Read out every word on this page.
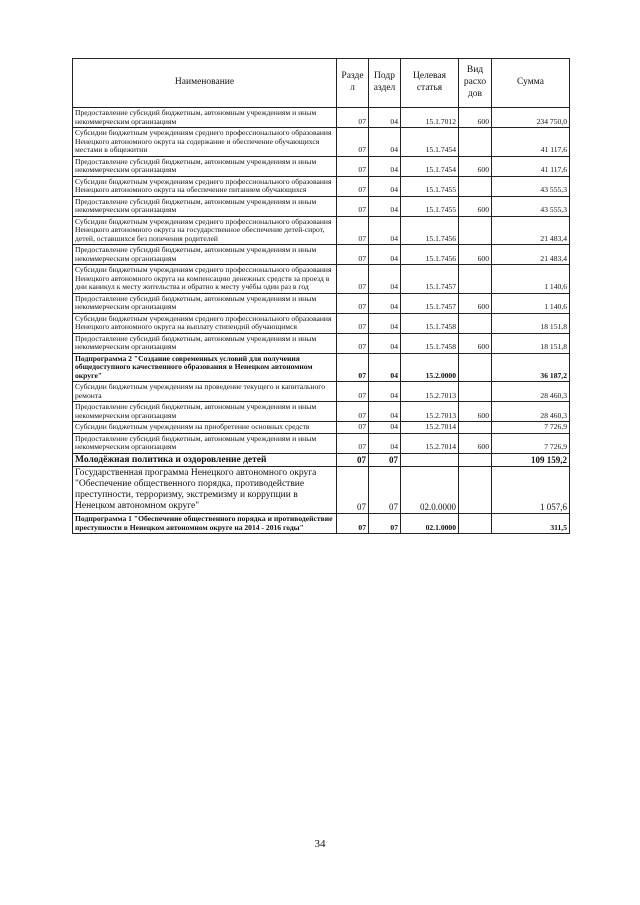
Наименование	Разде л	Подр аздел	Целевая статья	Вид расхо дов	Сумма
Предоставление субсидий бюджетным, автономным учреждениям и иным некоммерческим организациям	07	04	15.1.7012	600	234 750,0
Субсидии бюджетным учреждениям среднего профессионального образования Ненецкого автономного округа на содержание и обеспечение обучающихся местами в общежитии	07	04	15.1.7454		41 117,6
Предоставление субсидий бюджетным, автономным учреждениям и иным некоммерческим организациям	07	04	15.1.7454	600	41 117,6
Субсидии бюджетным учреждениям среднего профессионального образования Ненецкого автономного округа на обеспечение питанием обучающихся	07	04	15.1.7455		43 555,3
Предоставление субсидий бюджетным, автономным учреждениям и иным некоммерческим организациям	07	04	15.1.7455	600	43 555,3
Субсидии бюджетным учреждениям среднего профессионального образования Ненецкого автономного округа на государственное обеспечение детей-сирот, детей, оставшихся без попечения родителей	07	04	15.1.7456		21 483,4
Предоставление субсидий бюджетным, автономным учреждениям и иным некоммерческим организациям	07	04	15.1.7456	600	21 483,4
Субсидии бюджетным учреждениям среднего профессионального образования Ненецкого автономного округа на компенсацию денежных средств за проезд в дни каникул к месту жительства и обратно к месту учёбы один раз в год	07	04	15.1.7457		1 140,6
Предоставление субсидий бюджетным, автономным учреждениям и иным некоммерческим организациям	07	04	15.1.7457	600	1 140,6
Субсидии бюджетным учреждениям среднего профессионального образования Ненецкого автономного округа на выплату стипендий обучающимся	07	04	15.1.7458		18 151,8
Предоставление субсидий бюджетным, автономным учреждениям и иным некоммерческим организациям	07	04	15.1.7458	600	18 151,8
Подпрограмма 2 "Создание современных условий для получения общедоступного качественного образования в Ненецком автономном округе"	07	04	15.2.0000		36 187,2
Субсидии бюджетным учреждениям на проведение текущего и капитального ремонта	07	04	15.2.7013		28 460,3
Предоставление субсидий бюджетным, автономным учреждениям и иным некоммерческим организациям	07	04	15.2.7013	600	28 460,3
Субсидии бюджетным учреждениям на приобретение основных средств	07	04	15.2.7014		7 726,9
Предоставление субсидий бюджетным, автономным учреждениям и иным некоммерческим организациям	07	04	15.2.7014	600	7 726,9
Молодёжная политика и оздоровление детей	07	07			109 159,2
Государственная программа Ненецкого автономного округа "Обеспечение общественного порядка, противодействие преступности, терроризму, экстремизму и коррупции в Ненецком автономном округе"	07	07	02.0.0000		1 057,6
Подпрограмма 1 "Обеспечение общественного порядка и противодействие преступности в Ненецком автономном округе на 2014 - 2016 годы"	07	07	02.1.0000		311,5
34
